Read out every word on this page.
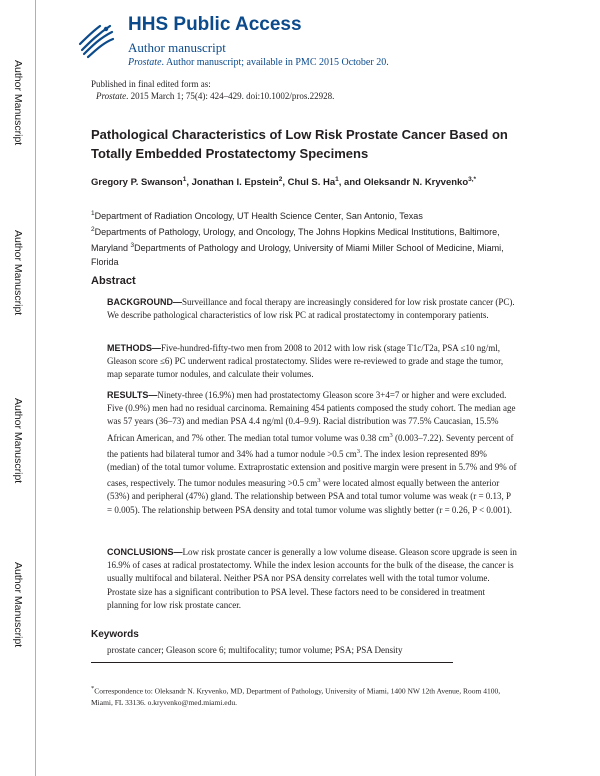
Author Manuscript
Author Manuscript
Author Manuscript
Author Manuscript
HHS Public Access
Author manuscript
Prostate. Author manuscript; available in PMC 2015 October 20.
Published in final edited form as:
Prostate. 2015 March 1; 75(4): 424–429. doi:10.1002/pros.22928.
Pathological Characteristics of Low Risk Prostate Cancer Based on Totally Embedded Prostatectomy Specimens
Gregory P. Swanson$^1$, Jonathan I. Epstein$^2$, Chul S. Ha$^1$, and Oleksandr N. Kryvenko$^{3,*}$
$^1$Department of Radiation Oncology, UT Health Science Center, San Antonio, Texas
$^2$Departments of Pathology, Urology, and Oncology, The Johns Hopkins Medical Institutions, Baltimore, Maryland $^3$Departments of Pathology and Urology, University of Miami Miller School of Medicine, Miami, Florida
Abstract
BACKGROUND—Surveillance and focal therapy are increasingly considered for low risk prostate cancer (PC). We describe pathological characteristics of low risk PC at radical prostatectomy in contemporary patients.
METHODS—Five-hundred-fifty-two men from 2008 to 2012 with low risk (stage T1c/T2a, PSA ≤10 ng/ml, Gleason score ≤6) PC underwent radical prostatectomy. Slides were re-reviewed to grade and stage the tumor, map separate tumor nodules, and calculate their volumes.
RESULTS—Ninety-three (16.9%) men had prostatectomy Gleason score 3+4=7 or higher and were excluded. Five (0.9%) men had no residual carcinoma. Remaining 454 patients composed the study cohort. The median age was 57 years (36–73) and median PSA 4.4 ng/ml (0.4–9.9). Racial distribution was 77.5% Caucasian, 15.5% African American, and 7% other. The median total tumor volume was 0.38 $cm^3$ (0.003–7.22). Seventy percent of the patients had bilateral tumor and 34% had a tumor nodule >0.5 $cm^3$. The index lesion represented 89% (median) of the total tumor volume. Extraprostatic extension and positive margin were present in 5.7% and 9% of cases, respectively. The tumor nodules measuring >0.5 $cm^3$ were located almost equally between the anterior (53%) and peripheral (47%) gland. The relationship between PSA and total tumor volume was weak (r = 0.13, P = 0.005). The relationship between PSA density and total tumor volume was slightly better (r = 0.26, P < 0.001).
CONCLUSIONS—Low risk prostate cancer is generally a low volume disease. Gleason score upgrade is seen in 16.9% of cases at radical prostatectomy. While the index lesion accounts for the bulk of the disease, the cancer is usually multifocal and bilateral. Neither PSA nor PSA density correlates well with the total tumor volume. Prostate size has a significant contribution to PSA level. These factors need to be considered in treatment planning for low risk prostate cancer.
Keywords
prostate cancer; Gleason score 6; multifocality; tumor volume; PSA; PSA Density
*Correspondence to: Oleksandr N. Kryvenko, MD, Department of Pathology, University of Miami, 1400 NW 12th Avenue, Room 4100, Miami, FL 33136. o.kryvenko@med.miami.edu.
